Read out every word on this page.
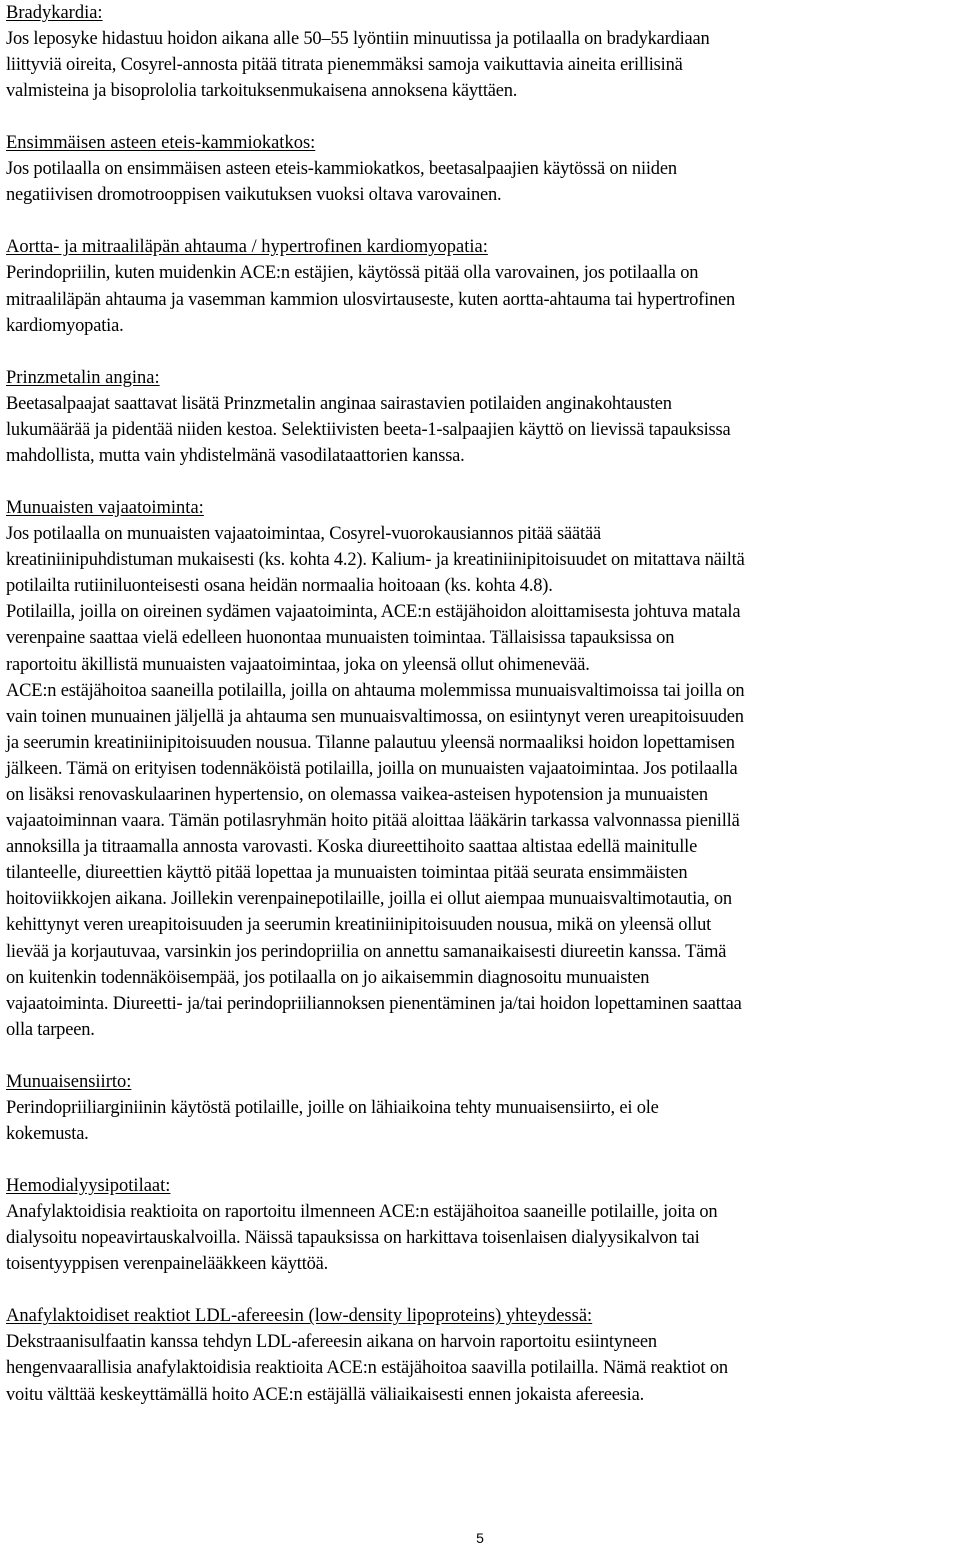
Bradykardia:
Jos leposyke hidastuu hoidon aikana alle 50–55 lyöntiin minuutissa ja potilaalla on bradykardiaan
liittyviä oireita, Cosyrel-annosta pitää titrata pienemmäksi samoja vaikuttavia aineita erillisinä
valmisteina ja bisoprololia tarkoituksenmukaisena annoksena käyttäen.
Ensimmäisen asteen eteis-kammiokatkos:
Jos potilaalla on ensimmäisen asteen eteis-kammiokatkos, beetasalpaajien käytössä on niiden
negatiivisen dromotrooppisen vaikutuksen vuoksi oltava varovainen.
Aortta- ja mitraaliläpän ahtauma / hypertrofinen kardiomyopatia:
Perindopriilin, kuten muidenkin ACE:n estäjien, käytössä pitää olla varovainen, jos potilaalla on
mitraaliläpän ahtauma ja vasemman kammion ulosvirtauseste, kuten aortta-ahtauma tai hypertrofinen
kardiomyopatia.
Prinzmetalin angina:
Beetasalpaajat saattavat lisätä Prinzmetalin anginaa sairastavien potilaiden anginakohtausten
lukumäärää ja pidentää niiden kestoa. Selektiivisten beeta-1-salpaajien käyttö on lievissä tapauksissa
mahdollista, mutta vain yhdistelmänä vasodilataattorien kanssa.
Munuaisten vajaatoiminta:
Jos potilaalla on munuaisten vajaatoimintaa, Cosyrel-vuorokausiannos pitää säätää
kreatiniinipuhdistuman mukaisesti (ks. kohta 4.2). Kalium- ja kreatiniinipitoisuudet on mitattava näiltä
potilailta rutiiniluonteisesti osana heidän normaalia hoitoaan (ks. kohta 4.8).
Potilailla, joilla on oireinen sydämen vajaatoiminta, ACE:n estäjähoidon aloittamisesta johtuva matala
verenpaine saattaa vielä edelleen huonontaa munuaisten toimintaa. Tällaisissa tapauksissa on
raportoitu äkillistä munuaisten vajaatoimintaa, joka on yleensä ollut ohimenevää.
ACE:n estäjähoitoa saaneilla potilailla, joilla on ahtauma molemmissa munuaisvaltimoissa tai joilla on
vain toinen munuainen jäljellä ja ahtauma sen munuaisvaltimossa, on esiintynyt veren ureapitoisuuden
ja seerumin kreatiniinipitoisuuden nousua. Tilanne palautuu yleensä normaaliksi hoidon lopettamisen
jälkeen. Tämä on erityisen todennäköistä potilailla, joilla on munuaisten vajaatoimintaa. Jos potilaalla
on lisäksi renovaskulaarinen hypertensio, on olemassa vaikea-asteisen hypotension ja munuaisten
vajaatoiminnan vaara. Tämän potilasryhmän hoito pitää aloittaa lääkärin tarkassa valvonnassa pienillä
annoksilla ja titraamalla annosta varovasti. Koska diureettihoito saattaa altistaa edellä mainitulle
tilanteelle, diureettien käyttö pitää lopettaa ja munuaisten toimintaa pitää seurata ensimmäisten
hoitoviikkojen aikana. Joillekin verenpainepotilaille, joilla ei ollut aiempaa munuaisvaltimotautia, on
kehittynyt veren ureapitoisuuden ja seerumin kreatiniinipitoisuuden nousua, mikä on yleensä ollut
lievää ja korjautuvaa, varsinkin jos perindopriilia on annettu samanaikaisesti diureetin kanssa. Tämä
on kuitenkin todennäköisempää, jos potilaalla on jo aikaisemmin diagnosoitu munuaisten
vajaatoiminta. Diureetti- ja/tai perindopriiliannoksen pienentäminen ja/tai hoidon lopettaminen saattaa
olla tarpeen.
Munuaisensiirto:
Perindopriiliarginiinin käytöstä potilaille, joille on lähiaikoina tehty munuaisensiirto, ei ole
kokemusta.
Hemodialyysipotilaat:
Anafylaktoidisia reaktioita on raportoitu ilmenneen ACE:n estäjähoitoa saaneille potilaille, joita on
dialysoitu nopeavirtauskalvoilla. Näissä tapauksissa on harkittava toisenlaisen dialyysikalvon tai
toisentyyppisen verenpainelääkkeen käyttöä.
Anafylaktoidiset reaktiot LDL-afereesin (low-density lipoproteins) yhteydessä:
Dekstraanisulfaatin kanssa tehdyn LDL-afereesin aikana on harvoin raportoitu esiintyneen
hengenvaarallisia anafylaktoidisia reaktioita ACE:n estäjähoitoa saavilla potilailla. Nämä reaktiot on
voitu välttää keskeyttämällä hoito ACE:n estäjällä väliaikaisesti ennen jokaista afereesia.
5
